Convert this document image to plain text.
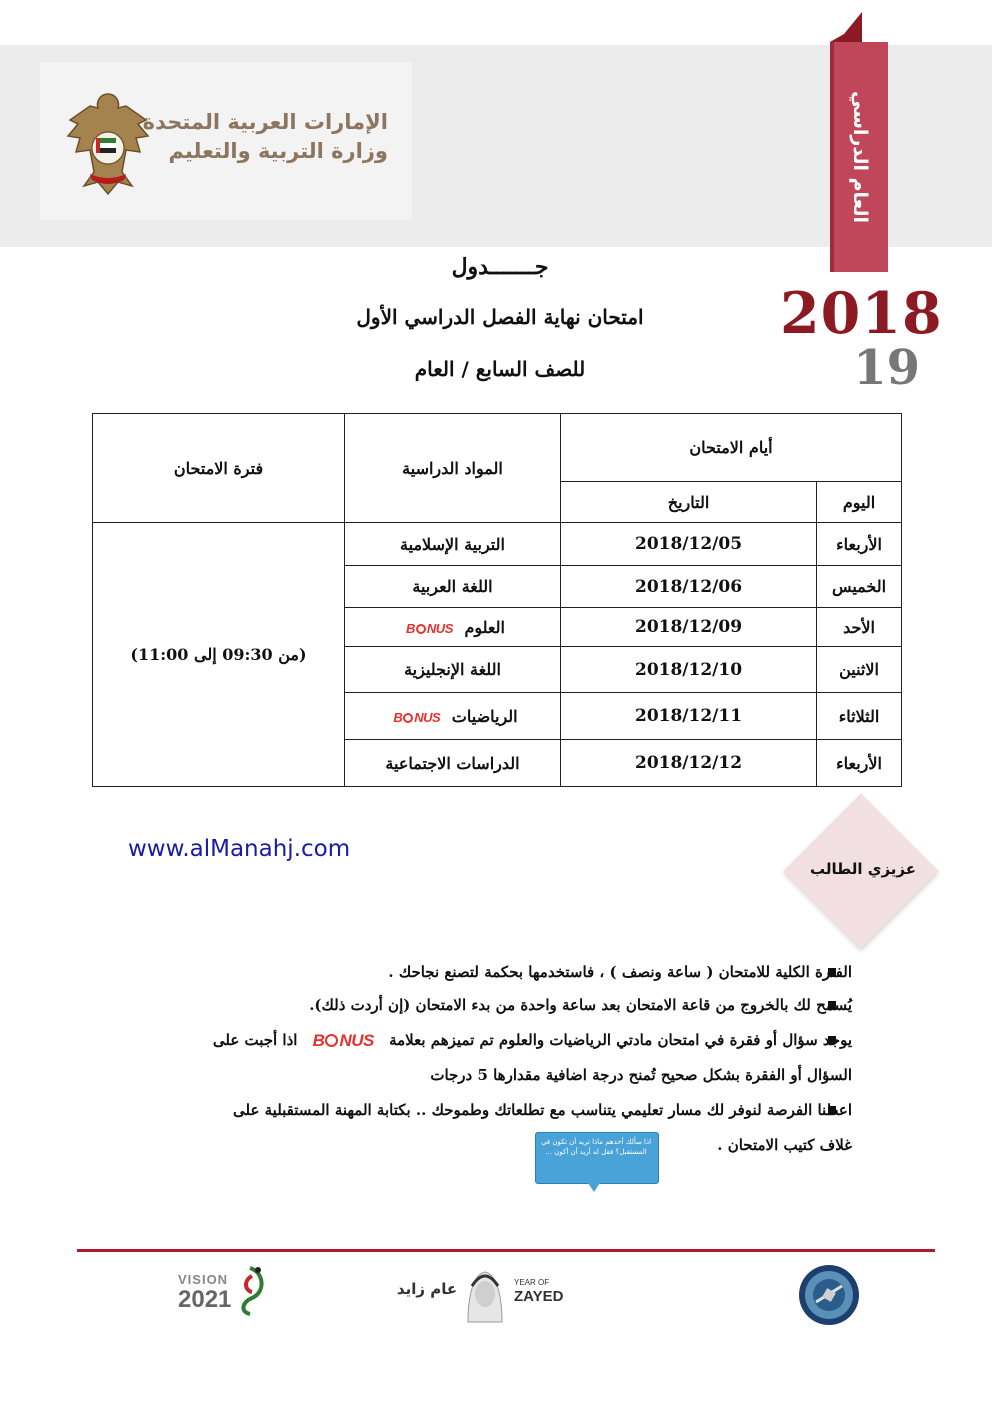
الإمارات العربية المتحدة
وزارة التربية والتعليم	العام الدراسي
2018
19
جـــــــدول
امتحان نهاية الفصل الدراسي الأول
للصف السابع / العام
أيام الامتحان		المواد الدراسية	فترة الامتحان
اليوم	التاريخ		
الأربعاء	2018/12/05	التربية الإسلامية	(من 09:30 إلى 11:00)
الخميس	2018/12/06	اللغة العربية	
الأحد	2018/12/09	العلوم B NUS	
الاثنين	2018/12/10	اللغة الإنجليزية	
الثلاثاء	2018/12/11	الرياضيات B NUS	
الأربعاء	2018/12/12	الدراسات الاجتماعية	
www.alManahj.com
عزيزي الطالب
الفترة الكلية للامتحان ( ساعة ونصف ) ، فاستخدمها بحكمة لتصنع نجاحك .
يُسمح لك بالخروج من قاعة الامتحان بعد ساعة واحدة من بدء الامتحان (إن أردت ذلك).
يوجد سؤال أو فقرة في امتحان مادتي الرياضيات والعلوم تم تميزهم بعلامة B NUS اذا أجبت على
السؤال أو الفقرة بشكل صحيح تُمنح درجة اضافية مقدارها 5 درجات
اعطنا الفرصة لنوفر لك مسار تعليمي يتناسب مع تطلعاتك وطموحك .. بكتابة المهنة المستقبلية على
غلاف كتيب الامتحان .
اذا سألك أحدهم ماذا تريد أن تكون في المستقبل؟ فقل له أريد أن أكون ...
VISION
2021	عام زايد	YEAR OF
ZAYED
